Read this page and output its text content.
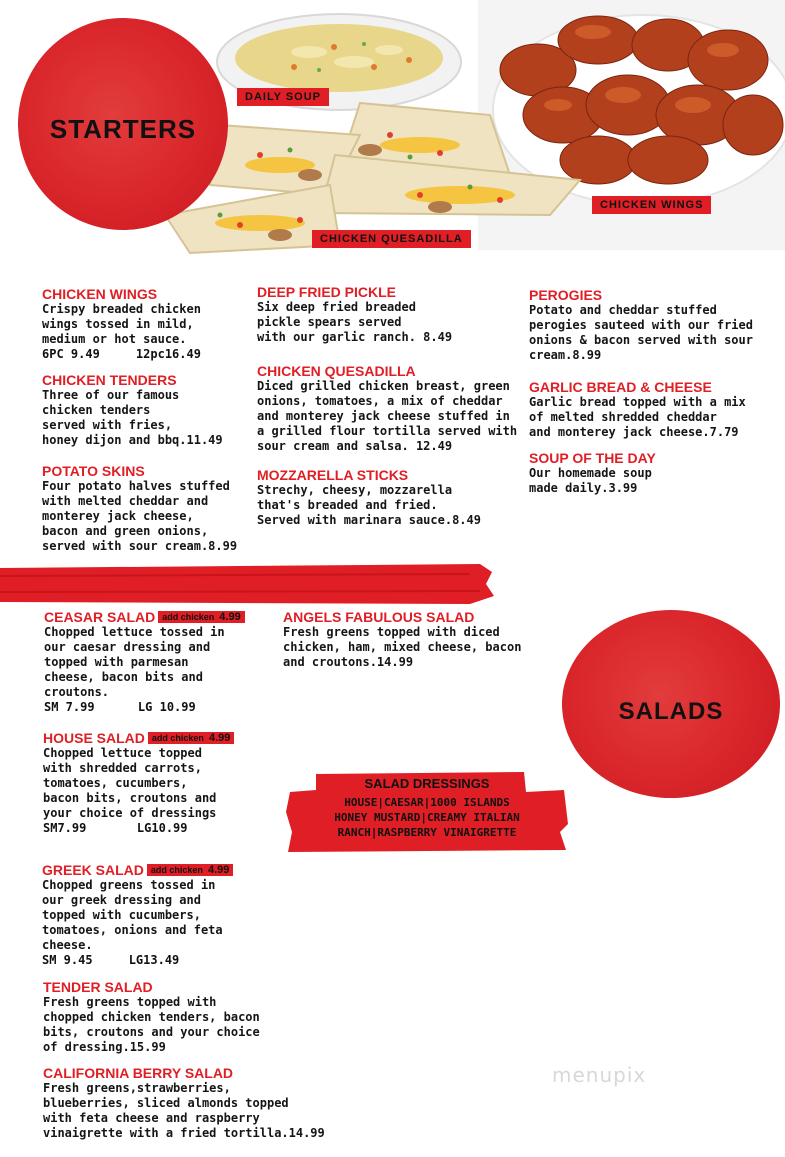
STARTERS
DAILY SOUP
CHICKEN WINGS
CHICKEN QUESADILLA

CHICKEN WINGS

Crispy breaded chicken
wings tossed in mild,
medium or hot sauce.

6PC 9.49     12pc16.49

CHICKEN TENDERS

Three of our famous
chicken tenders
served with fries,
honey dijon and bbq.11.49

POTATO SKINS

Four potato halves stuffed
with melted cheddar and
monterey jack cheese,
bacon and green onions,
served with sour cream.8.99

DEEP FRIED PICKLE

Six deep fried breaded
pickle spears served
with our garlic ranch. 8.49

CHICKEN QUESADILLA

Diced grilled chicken breast, green
onions, tomatoes, a mix of cheddar
and monterey jack cheese stuffed in
a grilled flour tortilla served with
sour cream and salsa. 12.49

MOZZARELLA STICKS

Strechy, cheesy, mozzarella
that's breaded and fried.
Served with marinara sauce.8.49

PEROGIES

Potato and cheddar stuffed
perogies sauteed with our fried
onions & bacon served with sour
cream.8.99

GARLIC BREAD & CHEESE

Garlic bread topped with a mix
of melted shredded cheddar
and monterey jack cheese.7.79

SOUP OF THE DAY

Our homemade soup
made daily.3.99

SALADS

CEASAR SALAD add chicken 4.99

Chopped lettuce tossed in
our caesar dressing and
topped with parmesan
cheese, bacon bits and
croutons.

SM 7.99      LG 10.99

HOUSE SALAD add chicken 4.99

Chopped lettuce topped
with shredded carrots,
tomatoes, cucumbers,
bacon bits, croutons and
your choice of dressings

SM7.99       LG10.99

GREEK SALAD add chicken 4.99

Chopped greens tossed in
our greek dressing and
topped with cucumbers,
tomatoes, onions and feta
cheese.

SM 9.45     LG13.49

TENDER SALAD

Fresh greens topped with
chopped chicken tenders, bacon
bits, croutons and your choice
of dressing.15.99

CALIFORNIA BERRY SALAD

Fresh greens,strawberries,
blueberries, sliced almonds topped
with feta cheese and raspberry
vinaigrette with a fried tortilla.14.99

ANGELS FABULOUS SALAD

Fresh greens topped with diced
chicken, ham, mixed cheese, bacon
and croutons.14.99

SALAD DRESSINGS
HOUSE|CAESAR|1000 ISLANDS
HONEY MUSTARD|CREAMY ITALIAN
RANCH|RASPBERRY VINAIGRETTE
menupix
